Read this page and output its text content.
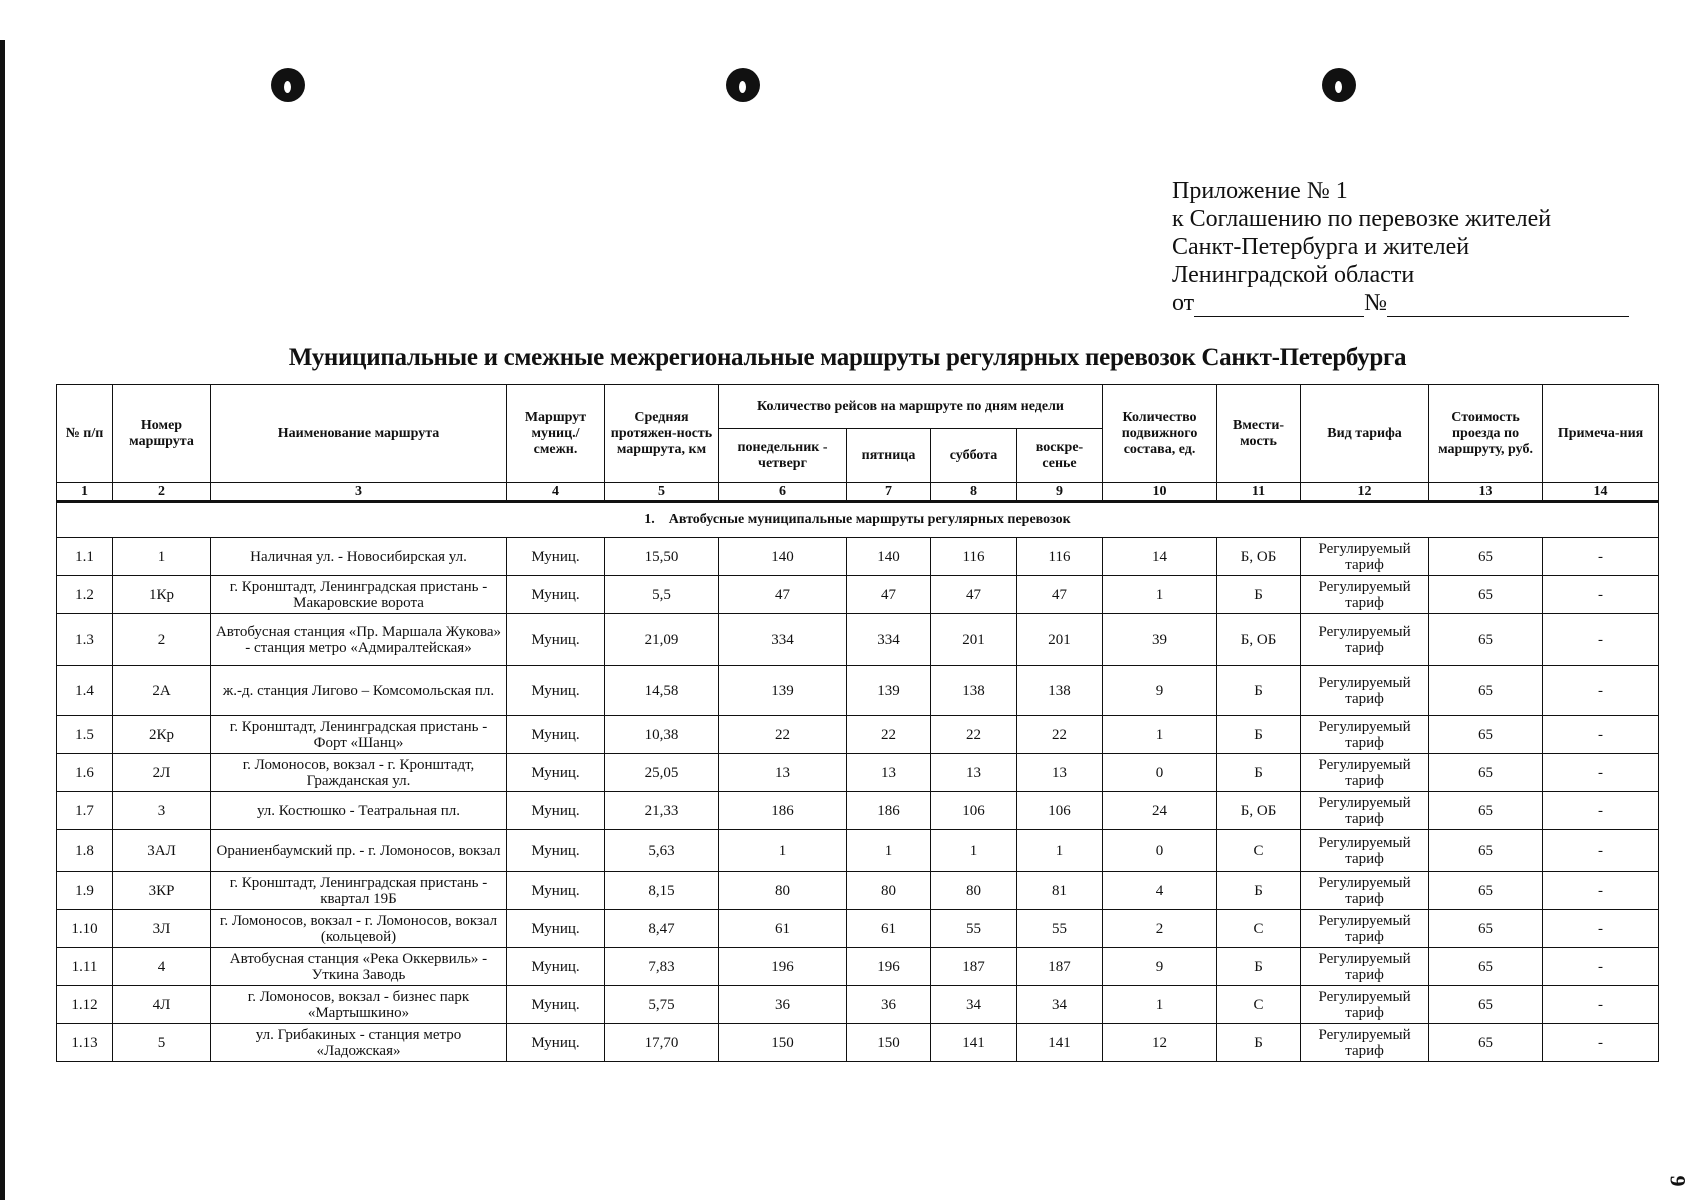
Приложение № 1
к Соглашению по перевозке жителей
Санкт-Петербурга и жителей
Ленинградской области
от	№
Муниципальные и смежные межрегиональные маршруты регулярных перевозок Санкт-Петербурга
№ п/п	Номер маршрута	Наименование маршрута	Маршрут муниц./ смежн.	Средняя протяжен-ность маршрута, км	Количество рейсов на маршруте по дням недели				Количество подвижного состава, ед.	Вмести-мость	Вид тарифа	Стоимость проезда по маршруту, руб.	Примеча-ния
					понедельник - четверг	пятница	суббота	воскре-сенье					
1	2	3	4	5	6	7	8	9	10	11	12	13	14
1. Автобусные муниципальные маршруты регулярных перевозок													
1.1	1	Наличная ул. - Новосибирская ул.	Муниц.	15,50	140	140	116	116	14	Б, ОБ	Регулируемый тариф	65	-
1.2	1Кр	г. Кронштадт, Ленинградская пристань - Макаровские ворота	Муниц.	5,5	47	47	47	47	1	Б	Регулируемый тариф	65	-
1.3	2	Автобусная станция «Пр. Маршала Жукова» - станция метро «Адмиралтейская»	Муниц.	21,09	334	334	201	201	39	Б, ОБ	Регулируемый тариф	65	-
1.4	2А	ж.-д. станция Лигово – Комсомольская пл.	Муниц.	14,58	139	139	138	138	9	Б	Регулируемый тариф	65	-
1.5	2Кр	г. Кронштадт, Ленинградская пристань - Форт «Шанц»	Муниц.	10,38	22	22	22	22	1	Б	Регулируемый тариф	65	-
1.6	2Л	г. Ломоносов, вокзал - г. Кронштадт, Гражданская ул.	Муниц.	25,05	13	13	13	13	0	Б	Регулируемый тариф	65	-
1.7	3	ул. Костюшко - Театральная пл.	Муниц.	21,33	186	186	106	106	24	Б, ОБ	Регулируемый тариф	65	-
1.8	3АЛ	Ораниенбаумский пр. - г. Ломоносов, вокзал	Муниц.	5,63	1	1	1	1	0	С	Регулируемый тариф	65	-
1.9	3КР	г. Кронштадт, Ленинградская пристань - квартал 19Б	Муниц.	8,15	80	80	80	81	4	Б	Регулируемый тариф	65	-
1.10	3Л	г. Ломоносов, вокзал - г. Ломоносов, вокзал (кольцевой)	Муниц.	8,47	61	61	55	55	2	С	Регулируемый тариф	65	-
1.11	4	Автобусная станция «Река Оккервиль» - Уткина Заводь	Муниц.	7,83	196	196	187	187	9	Б	Регулируемый тариф	65	-
1.12	4Л	г. Ломоносов, вокзал - бизнес парк «Мартышкино»	Муниц.	5,75	36	36	34	34	1	С	Регулируемый тариф	65	-
1.13	5	ул. Грибакиных - станция метро «Ладожская»	Муниц.	17,70	150	150	141	141	12	Б	Регулируемый тариф	65	-
9
